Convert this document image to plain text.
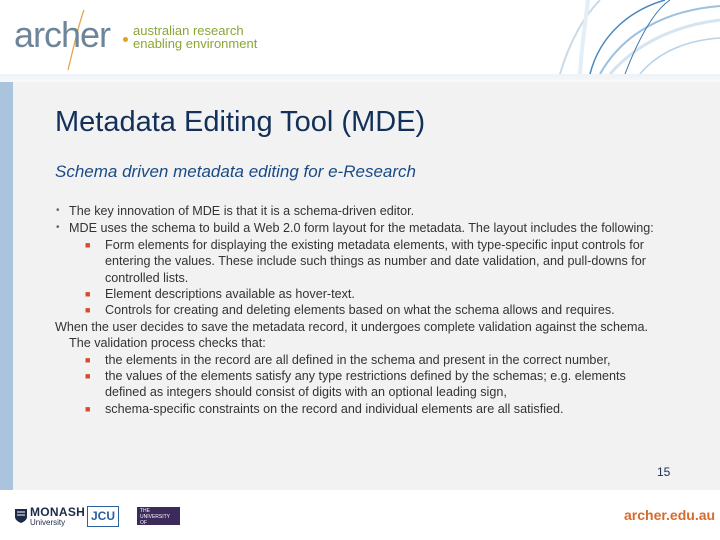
archer australian research
enabling environment
Metadata Editing Tool (MDE)
Schema driven metadata editing for e-Research
• The key innovation of MDE is that it is a schema-driven editor.
• MDE uses the schema to build a Web 2.0 form layout for the metadata. The layout includes the following:
■ Form elements for displaying the existing metadata elements, with type-specific input controls for entering the values. These include such things as number and date validation, and pull-downs for controlled lists.
■ Element descriptions available as hover-text.
■ Controls for creating and deleting elements based on what the schema allows and requires.
When the user decides to save the metadata record, it undergoes complete validation against the schema. The validation process checks that:
■ the elements in the record are all defined in the schema and present in the correct number,
■ the values of the elements satisfy any type restrictions defined by the schemas; e.g. elements defined as integers should consist of digits with an optional leading sign,
■ schema-specific constraints on the record and individual elements are all satisfied.
15
MONASH
University	JCU	THE UNIVERSITY
OF QUEENSLAND
AUSTRALIA
archer.edu.au
